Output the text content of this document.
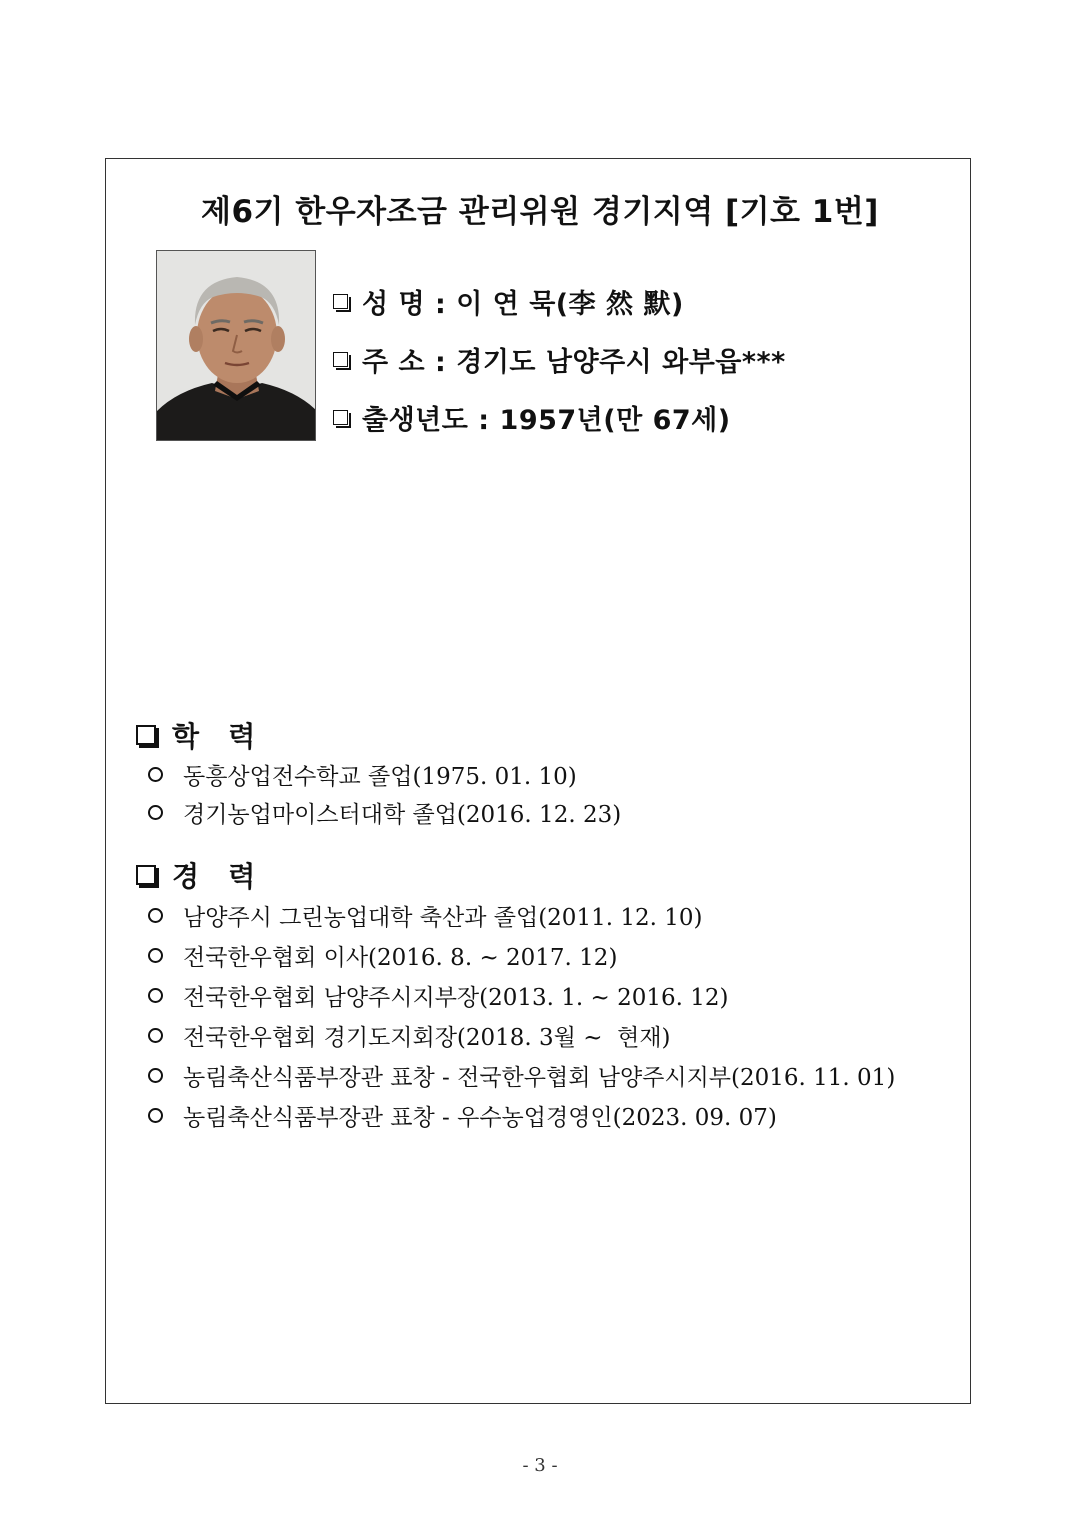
제6기 한우자조금 관리위원 경기지역 [기호 1번]
성 명 : 이 연 묵(李 然 默)
주 소 : 경기도 남양주시 와부읍***
출생년도 : 1957년(만 67세)
학   력
동흥상업전수학교 졸업(1975. 01. 10)
경기농업마이스터대학 졸업(2016. 12. 23)
경   력
남양주시 그린농업대학 축산과 졸업(2011. 12. 10)
전국한우협회 이사(2016. 8. ~ 2017. 12)
전국한우협회 남양주시지부장(2013. 1. ~ 2016. 12)
전국한우협회 경기도지회장(2018. 3월 ~  현재)
농림축산식품부장관 표창 - 전국한우협회 남양주시지부(2016. 11. 01)
농림축산식품부장관 표창 - 우수농업경영인(2023. 09. 07)
- 3 -
